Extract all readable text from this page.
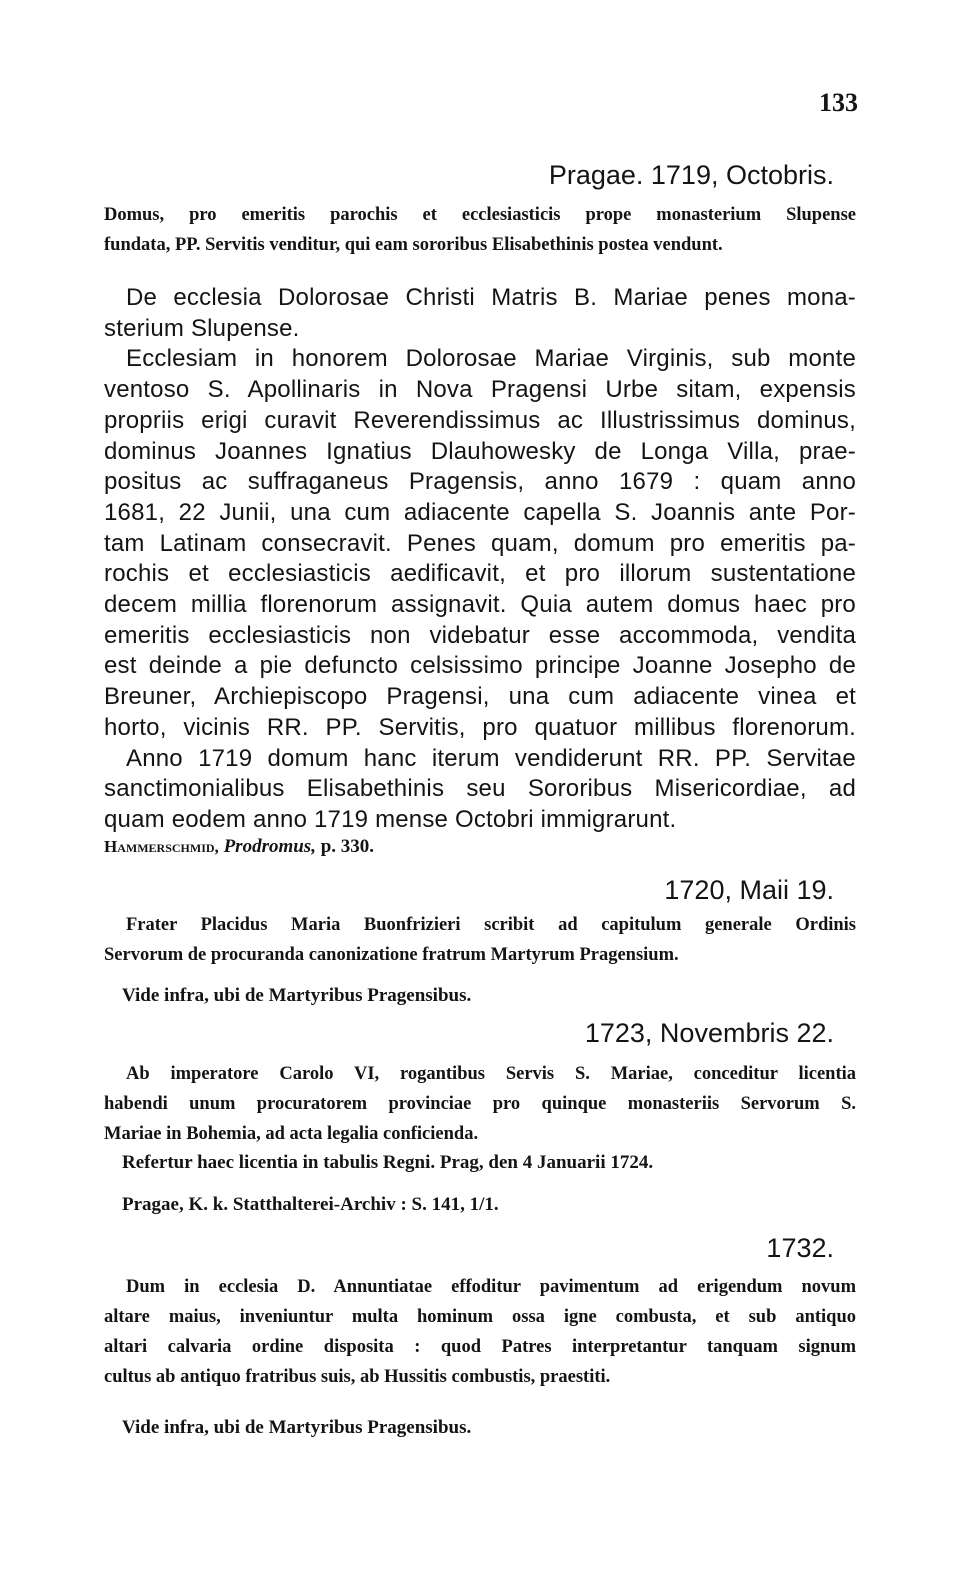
133
Pragae. 1719, Octobris.
Domus, pro emeritis parochis et ecclesiasticis prope monasterium Slupense
fundata, PP. Servitis venditur, qui eam sororibus Elisabethinis postea vendunt.
De ecclesia Dolorosae Christi Matris B. Mariae penes mona-
sterium Slupense.
Ecclesiam in honorem Dolorosae Mariae Virginis, sub monte
ventoso S. Apollinaris in Nova Pragensi Urbe sitam, expensis
propriis erigi curavit Reverendissimus ac Illustrissimus dominus,
dominus Joannes Ignatius Dlauhowesky de Longa Villa, prae-
positus ac suffraganeus Pragensis, anno 1679 : quam anno
1681, 22 Junii, una cum adiacente capella S. Joannis ante Por-
tam Latinam consecravit. Penes quam, domum pro emeritis pa-
rochis et ecclesiasticis aedificavit, et pro illorum sustentatione
decem millia florenorum assignavit. Quia autem domus haec pro
emeritis ecclesiasticis non videbatur esse accommoda, vendita
est deinde a pie defuncto celsissimo principe Joanne Josepho de
Breuner, Archiepiscopo Pragensi, una cum adiacente vinea et
horto, vicinis RR. PP. Servitis, pro quatuor millibus florenorum.
Anno 1719 domum hanc iterum vendiderunt RR. PP. Servitae
sanctimonialibus Elisabethinis seu Sororibus Misericordiae, ad
quam eodem anno 1719 mense Octobri immigrarunt.
Hammerschmid, Prodromus, p. 330.
1720, Maii 19.
Frater Placidus Maria Buonfrizieri scribit ad capitulum generale Ordinis
Servorum de procuranda canonizatione fratrum Martyrum Pragensium.
Vide infra, ubi de Martyribus Pragensibus.
1723, Novembris 22.
Ab imperatore Carolo VI, rogantibus Servis S. Mariae, conceditur licentia
habendi unum procuratorem provinciae pro quinque monasteriis Servorum S.
Mariae in Bohemia, ad acta legalia conficienda.
Refertur haec licentia in tabulis Regni. Prag, den 4 Januarii 1724.
Pragae, K. k. Statthalterei-Archiv : S. 141, 1/1.
1732.
Dum in ecclesia D. Annuntiatae effoditur pavimentum ad erigendum novum
altare maius, inveniuntur multa hominum ossa igne combusta, et sub antiquo
altari calvaria ordine disposita : quod Patres interpretantur tanquam signum
cultus ab antiquo fratribus suis, ab Hussitis combustis, praestiti.
Vide infra, ubi de Martyribus Pragensibus.
